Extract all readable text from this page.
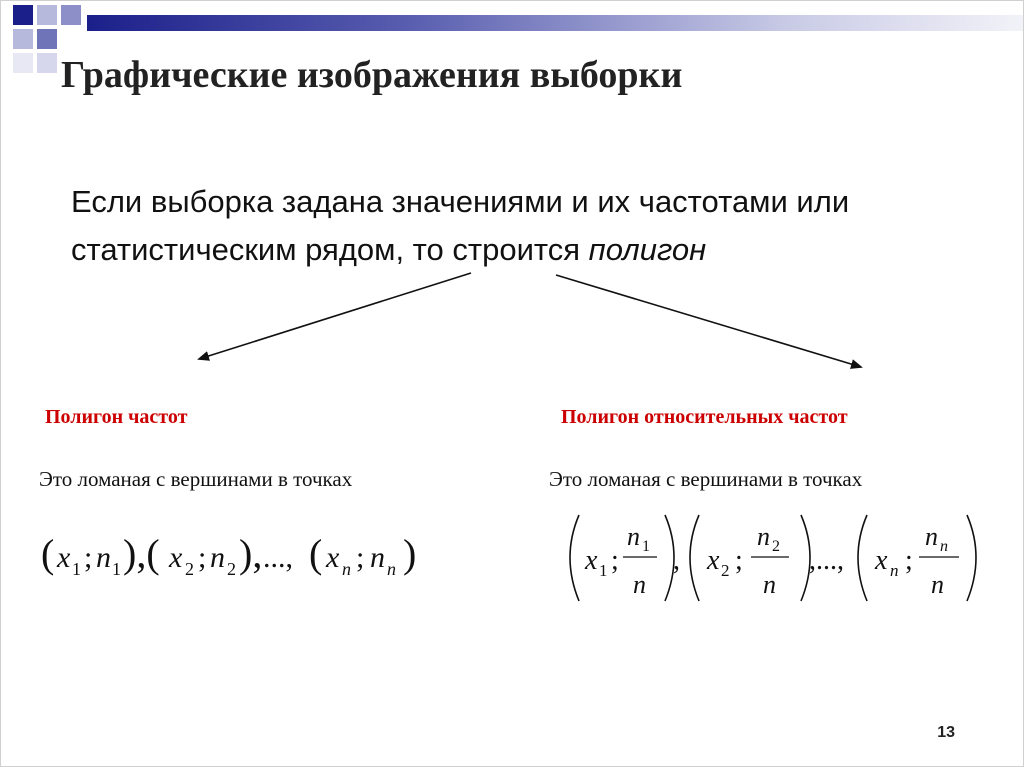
Графические изображения выборки
Если выборка задана значениями и их частотами или статистическим рядом, то строится полигон
Полигон частот
Это ломаная с вершинами в точках
Полигон относительных частот
Это ломаная с вершинами в точках
( x 1 ; n 1 ),( x 2 ; n 2 ), ..., ( x n ; n n )	x 1 ;
n 1
n
, x 2 ;
n 2
n
,..., x n ;
n n
n
13
